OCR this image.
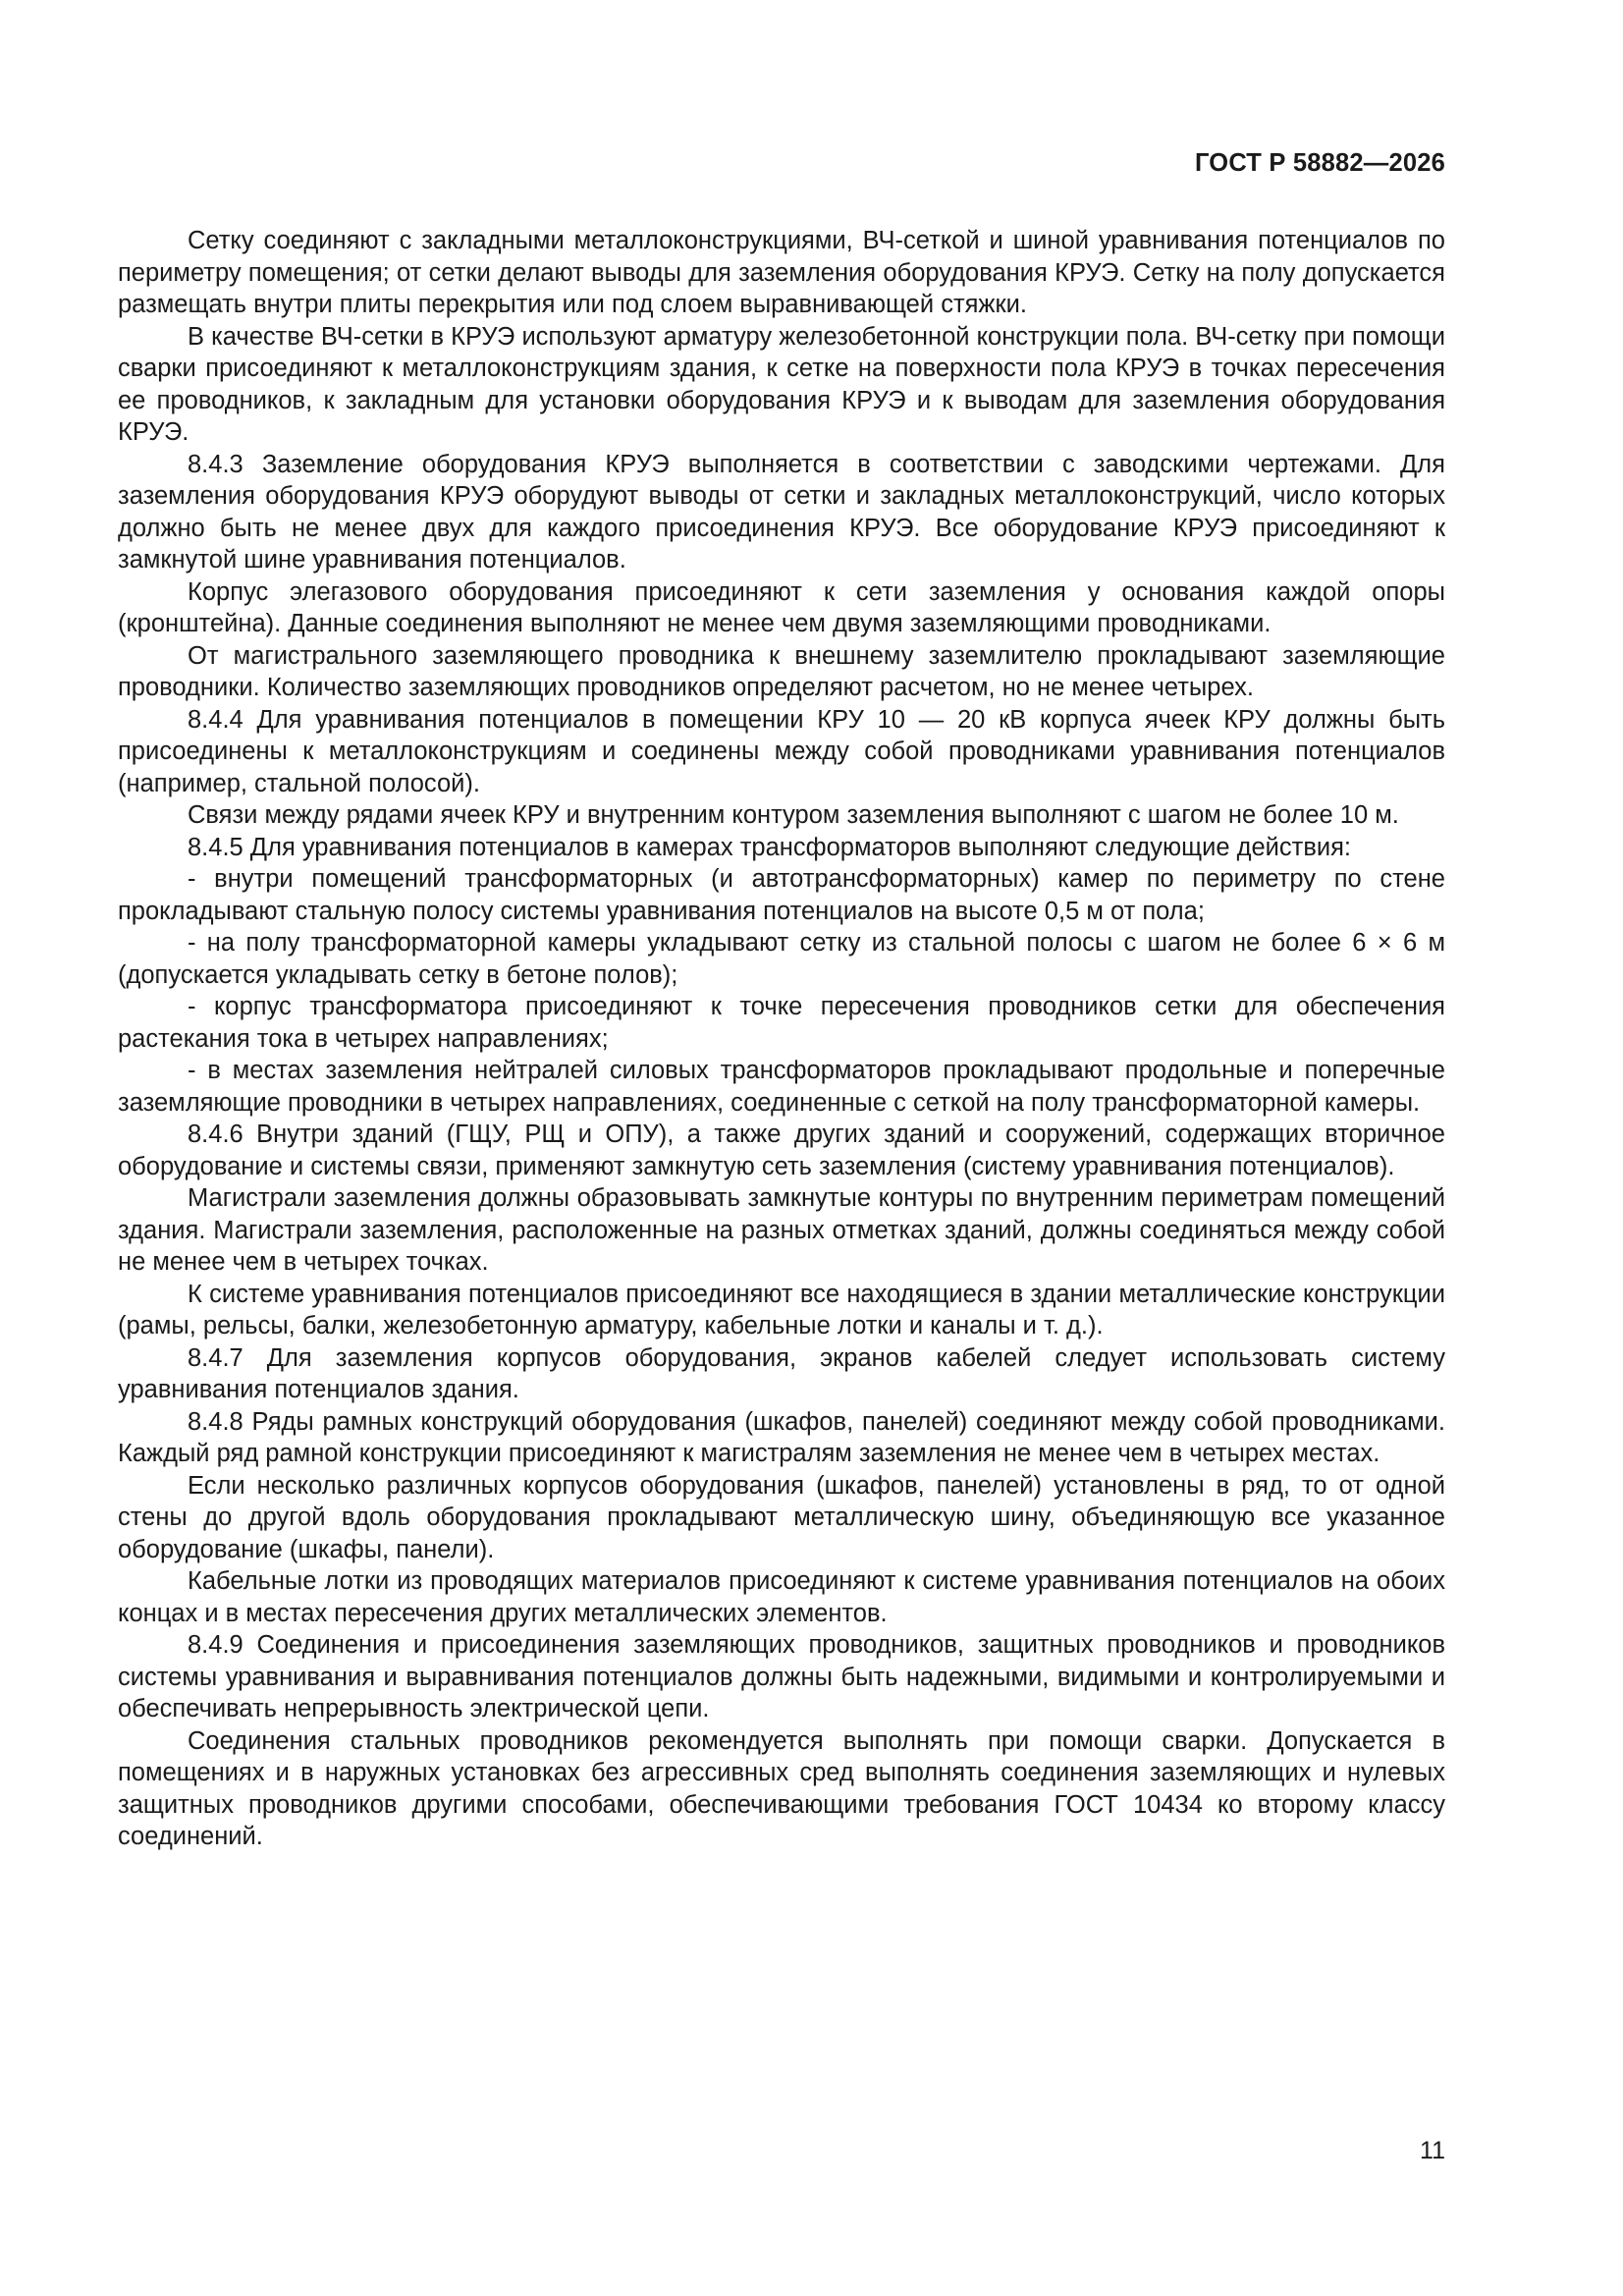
ГОСТ Р 58882—2026

Сетку соединяют с закладными металлоконструкциями, ВЧ-сеткой и шиной уравнивания потенциалов по периметру помещения; от сетки делают выводы для заземления оборудования КРУЭ. Сетку на полу допускается размещать внутри плиты перекрытия или под слоем выравнивающей стяжки.

В качестве ВЧ-сетки в КРУЭ используют арматуру железобетонной конструкции пола. ВЧ-сетку при помощи сварки присоединяют к металлоконструкциям здания, к сетке на поверхности пола КРУЭ в точках пересечения ее проводников, к закладным для установки оборудования КРУЭ и к выводам для заземления оборудования КРУЭ.

8.4.3 Заземление оборудования КРУЭ выполняется в соответствии с заводскими чертежами. Для заземления оборудования КРУЭ оборудуют выводы от сетки и закладных металлоконструкций, число которых должно быть не менее двух для каждого присоединения КРУЭ. Все оборудование КРУЭ присоединяют к замкнутой шине уравнивания потенциалов.

Корпус элегазового оборудования присоединяют к сети заземления у основания каждой опоры (кронштейна). Данные соединения выполняют не менее чем двумя заземляющими проводниками.

От магистрального заземляющего проводника к внешнему заземлителю прокладывают заземляющие проводники. Количество заземляющих проводников определяют расчетом, но не менее четырех.

8.4.4 Для уравнивания потенциалов в помещении КРУ 10 — 20 кВ корпуса ячеек КРУ должны быть присоединены к металлоконструкциям и соединены между собой проводниками уравнивания потенциалов (например, стальной полосой).

Связи между рядами ячеек КРУ и внутренним контуром заземления выполняют с шагом не более 10 м.

8.4.5 Для уравнивания потенциалов в камерах трансформаторов выполняют следующие действия:

- внутри помещений трансформаторных (и автотрансформаторных) камер по периметру по стене прокладывают стальную полосу системы уравнивания потенциалов на высоте 0,5 м от пола;

- на полу трансформаторной камеры укладывают сетку из стальной полосы с шагом не более 6 × 6 м (допускается укладывать сетку в бетоне полов);

- корпус трансформатора присоединяют к точке пересечения проводников сетки для обеспечения растекания тока в четырех направлениях;

- в местах заземления нейтралей силовых трансформаторов прокладывают продольные и поперечные заземляющие проводники в четырех направлениях, соединенные с сеткой на полу трансформаторной камеры.

8.4.6 Внутри зданий (ГЩУ, РЩ и ОПУ), а также других зданий и сооружений, содержащих вторичное оборудование и системы связи, применяют замкнутую сеть заземления (систему уравнивания потенциалов).

Магистрали заземления должны образовывать замкнутые контуры по внутренним периметрам помещений здания. Магистрали заземления, расположенные на разных отметках зданий, должны соединяться между собой не менее чем в четырех точках.

К системе уравнивания потенциалов присоединяют все находящиеся в здании металлические конструкции (рамы, рельсы, балки, железобетонную арматуру, кабельные лотки и каналы и т. д.).

8.4.7 Для заземления корпусов оборудования, экранов кабелей следует использовать систему уравнивания потенциалов здания.

8.4.8 Ряды рамных конструкций оборудования (шкафов, панелей) соединяют между собой проводниками. Каждый ряд рамной конструкции присоединяют к магистралям заземления не менее чем в четырех местах.

Если несколько различных корпусов оборудования (шкафов, панелей) установлены в ряд, то от одной стены до другой вдоль оборудования прокладывают металлическую шину, объединяющую все указанное оборудование (шкафы, панели).

Кабельные лотки из проводящих материалов присоединяют к системе уравнивания потенциалов на обоих концах и в местах пересечения других металлических элементов.

8.4.9 Соединения и присоединения заземляющих проводников, защитных проводников и проводников системы уравнивания и выравнивания потенциалов должны быть надежными, видимыми и контролируемыми и обеспечивать непрерывность электрической цепи.

Соединения стальных проводников рекомендуется выполнять при помощи сварки. Допускается в помещениях и в наружных установках без агрессивных сред выполнять соединения заземляющих и нулевых защитных проводников другими способами, обеспечивающими требования ГОСТ 10434 ко второму классу соединений.

11
